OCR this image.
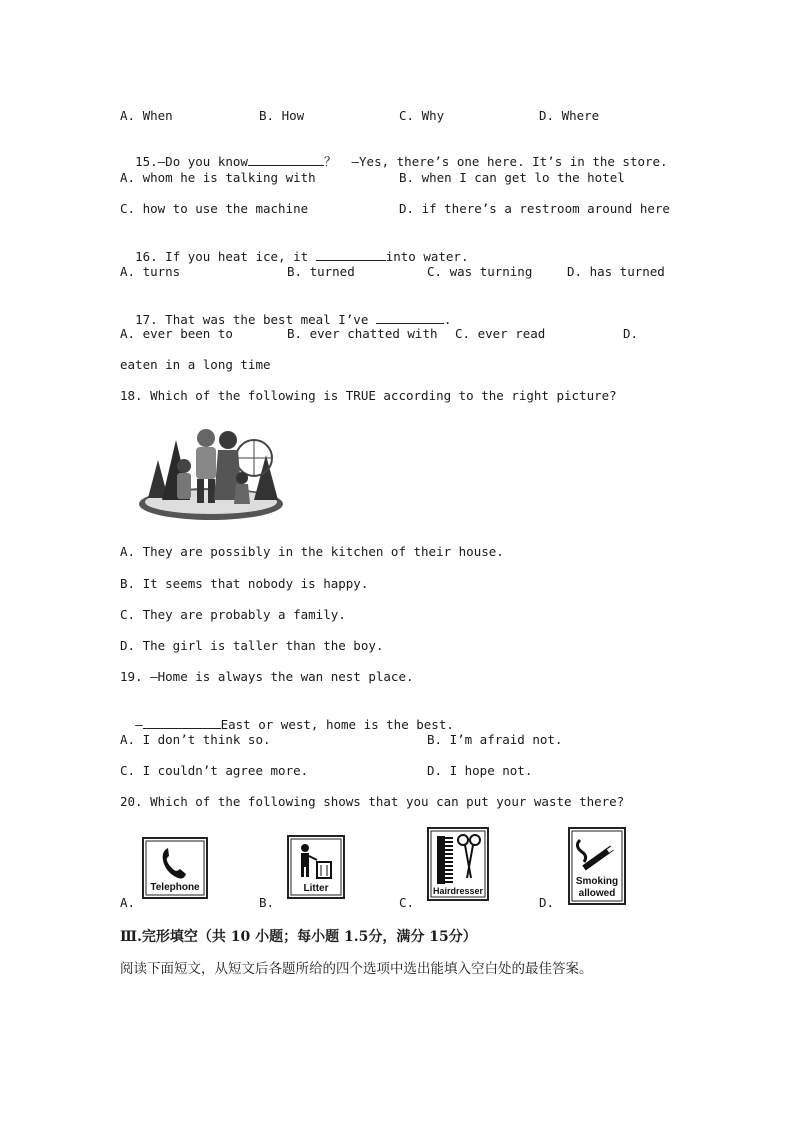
A. When	B. How	C. Why	D. Where

15.—Do you know	？  —Yes, there’s one here. It’s in the store.

A. whom he is talking with	B. when I can get lo the hotel
C. how to use the machine	D. if there’s a restroom around here

16. If you heat ice, it	into water.

A. turns	B. turned	C. was turning	D. has turned

17. That was the best meal I’ve	.

A. ever been to	B. ever chatted with C. ever read	D.
eaten in a long time
18. Which of the following is TRUE according to the right picture?
A. They are possibly in the kitchen of their house.
B. It seems that nobody is happy.
C. They are probably a family.
D. The girl is taller than the boy.
19. —Home is always the wan nest place.

—	East or west, home is the best.

A. I don’t think so.	B. I’m afraid not.
C. I couldn’t agree more.	D. I hope not.
20. Which of the following shows that you can put your waste there?
Telephone
A.
Litter
B.
Hairdresser
C.
Smoking
allowed
D.
Ⅲ.完形填空（共 10 小题；每小题 1.5分，满分 15分）
阅读下面短文，从短文后各题所给的四个选项中选出能填入空白处的最佳答案。
